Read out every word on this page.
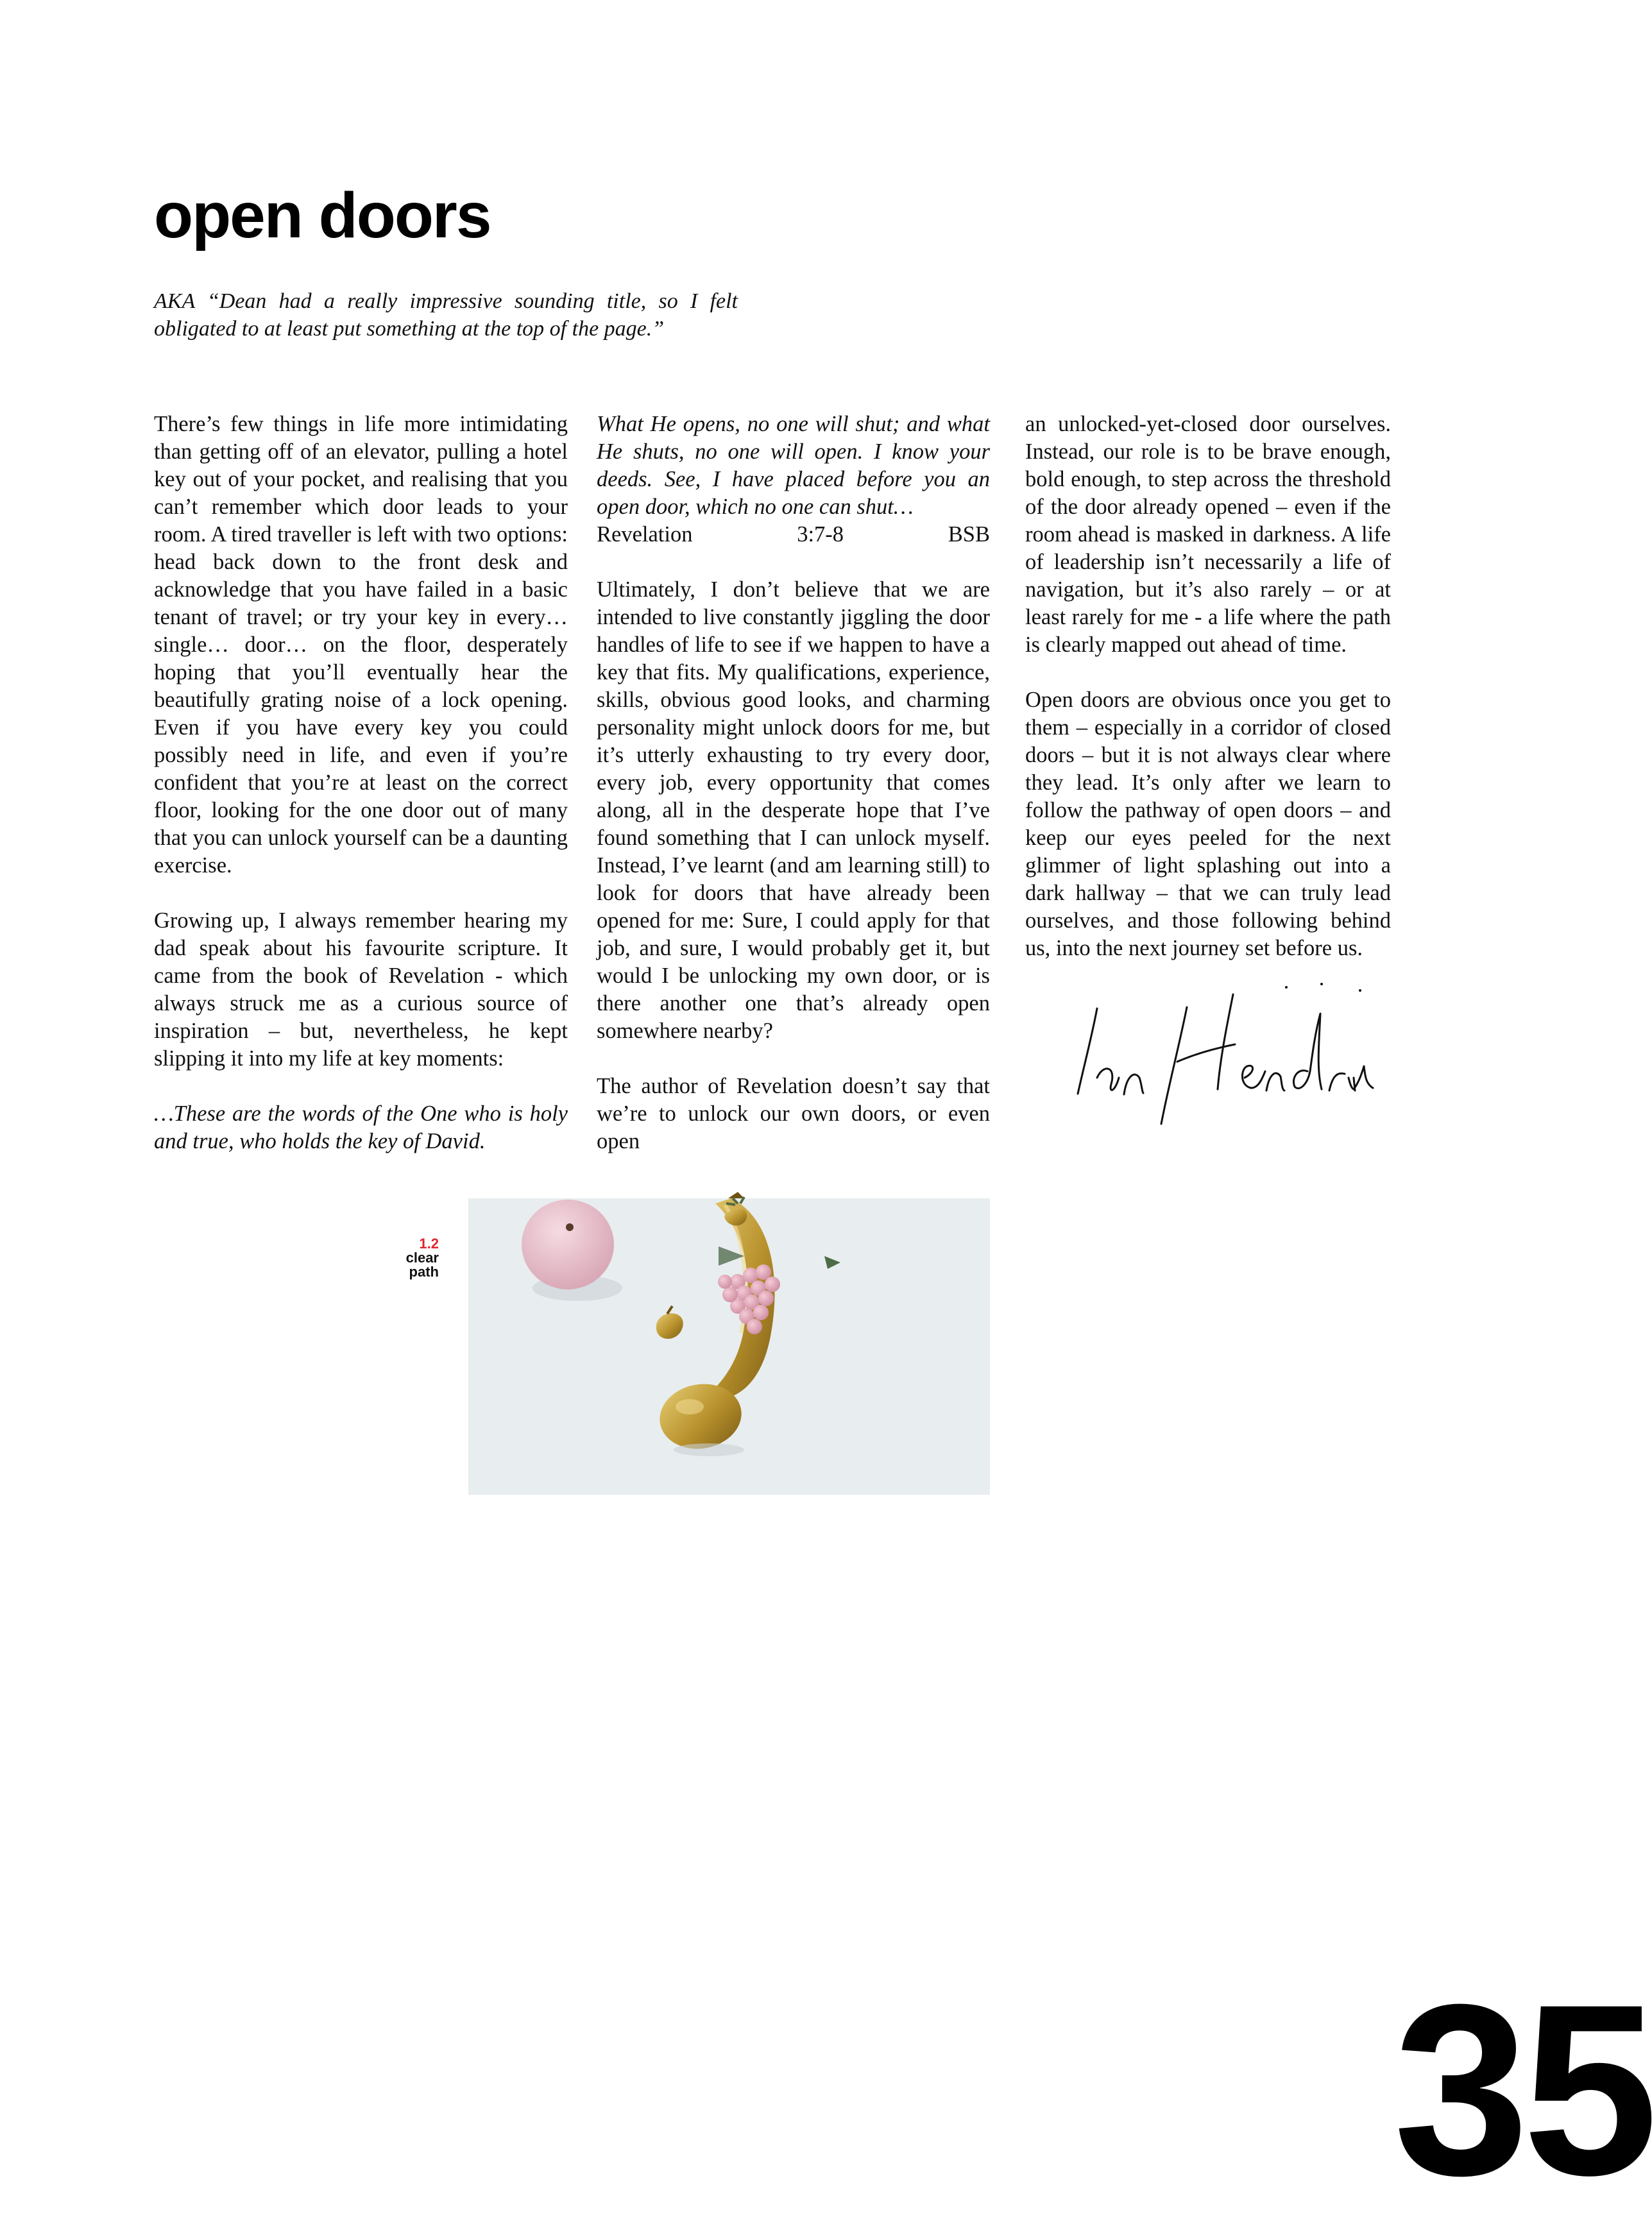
open doors

AKA “Dean had a really impressive sounding title, so I felt obligated to at least put something at the top of the page.”

There’s few things in life more intimidating than getting off of an elevator, pulling a hotel key out of your pocket, and realising that you can’t remember which door leads to your room. A tired traveller is left with two options: head back down to the front desk and acknowledge that you have failed in a basic tenant of travel; or try your key in every… single… door… on the floor, desperately hoping that you’ll eventually hear the beautifully grating noise of a lock opening. Even if you have every key you could possibly need in life, and even if you’re confident that you’re at least on the correct floor, looking for the one door out of many that you can unlock yourself can be a daunting exercise.

Growing up, I always remember hearing my dad speak about his favourite scripture. It came from the book of Revelation - which always struck me as a curious source of inspiration – but, nevertheless, he kept slipping it into my life at key moments:

…These are the words of the One who is holy and true, who holds the key of David.

What He opens, no one will shut; and what He shuts, no one will open. I know your deeds. See, I have placed before you an open door, which no one can shut…

Revelation	3:7-8	BSB

Ultimately, I don’t believe that we are intended to live constantly jiggling the door handles of life to see if we happen to have a key that fits. My qualifications, experience, skills, obvious good looks, and charming personality might unlock doors for me, but it’s utterly exhausting to try every door, every job, every opportunity that comes along, all in the desperate hope that I’ve found something that I can unlock myself. Instead, I’ve learnt (and am learning still) to look for doors that have already been opened for me: Sure, I could apply for that job, and sure, I would probably get it, but would I be unlocking my own door, or is there another one that’s already open somewhere nearby?

The author of Revelation doesn’t say that we’re to unlock our own doors, or even open

an unlocked-yet-closed door ourselves. Instead, our role is to be brave enough, bold enough, to step across the threshold of the door already opened – even if the room ahead is masked in darkness. A life of leadership isn’t necessarily a life of navigation, but it’s also rarely – or at least rarely for me - a life where the path is clearly mapped out ahead of time.

Open doors are obvious once you get to them – especially in a corridor of closed doors – but it is not always clear where they lead. It’s only after we learn to follow the pathway of open doors – and keep our eyes peeled for the next glimmer of light splashing out into a dark hallway – that we can truly lead ourselves, and those following behind us, into the next journey set before us.

1.2
clear
path
35
